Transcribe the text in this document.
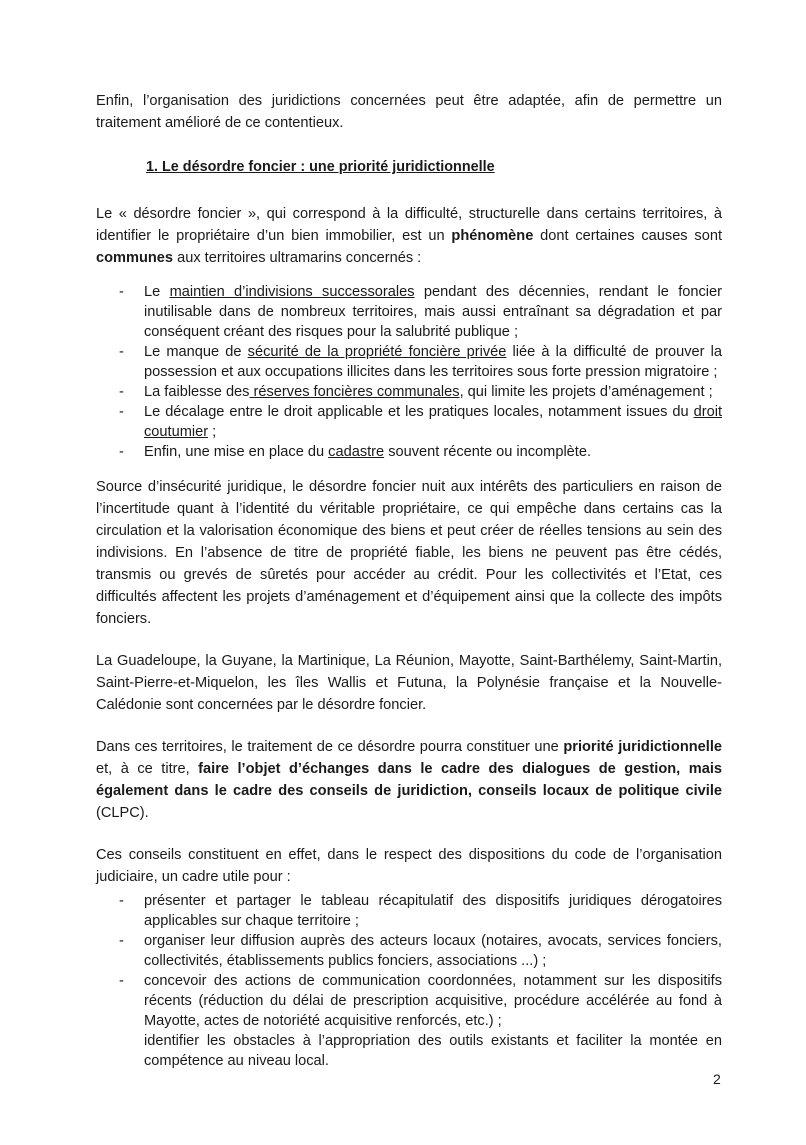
Enfin, l’organisation des juridictions concernées peut être adaptée, afin de permettre un traitement amélioré de ce contentieux.

1. Le désordre foncier : une priorité juridictionnelle

Le « désordre foncier », qui correspond à la difficulté, structurelle dans certains territoires, à identifier le propriétaire d’un bien immobilier, est un phénomène dont certaines causes sont communes aux territoires ultramarins concernés :

- Le maintien d’indivisions successorales pendant des décennies, rendant le foncier inutilisable dans de nombreux territoires, mais aussi entraînant sa dégradation et par conséquent créant des risques pour la salubrité publique ;
- Le manque de sécurité de la propriété foncière privée liée à la difficulté de prouver la possession et aux occupations illicites dans les territoires sous forte pression migratoire ;
- La faiblesse des réserves foncières communales, qui limite les projets d’aménagement ;
- Le décalage entre le droit applicable et les pratiques locales, notamment issues du droit coutumier ;
- Enfin, une mise en place du cadastre souvent récente ou incomplète.

Source d’insécurité juridique, le désordre foncier nuit aux intérêts des particuliers en raison de l’incertitude quant à l’identité du véritable propriétaire, ce qui empêche dans certains cas la circulation et la valorisation économique des biens et peut créer de réelles tensions au sein des indivisions. En l’absence de titre de propriété fiable, les biens ne peuvent pas être cédés, transmis ou grevés de sûretés pour accéder au crédit. Pour les collectivités et l’Etat, ces difficultés affectent les projets d’aménagement et d’équipement ainsi que la collecte des impôts fonciers.

La Guadeloupe, la Guyane, la Martinique, La Réunion, Mayotte, Saint-Barthélemy, Saint-Martin, Saint-Pierre-et-Miquelon, les îles Wallis et Futuna, la Polynésie française et la Nouvelle-Calédonie sont concernées par le désordre foncier.

Dans ces territoires, le traitement de ce désordre pourra constituer une priorité juridictionnelle et, à ce titre, faire l’objet d’échanges dans le cadre des dialogues de gestion, mais également dans le cadre des conseils de juridiction, conseils locaux de politique civile (CLPC).

Ces conseils constituent en effet, dans le respect des dispositions du code de l’organisation judiciaire, un cadre utile pour :

- présenter et partager le tableau récapitulatif des dispositifs juridiques dérogatoires applicables sur chaque territoire ;
- organiser leur diffusion auprès des acteurs locaux (notaires, avocats, services fonciers, collectivités, établissements publics fonciers, associations ...) ;
- concevoir des actions de communication coordonnées, notamment sur les dispositifs récents (réduction du délai de prescription acquisitive, procédure accélérée au fond à Mayotte, actes de notoriété acquisitive renforcés, etc.) ;

identifier les obstacles à l’appropriation des outils existants et faciliter la montée en compétence au niveau local.

2
